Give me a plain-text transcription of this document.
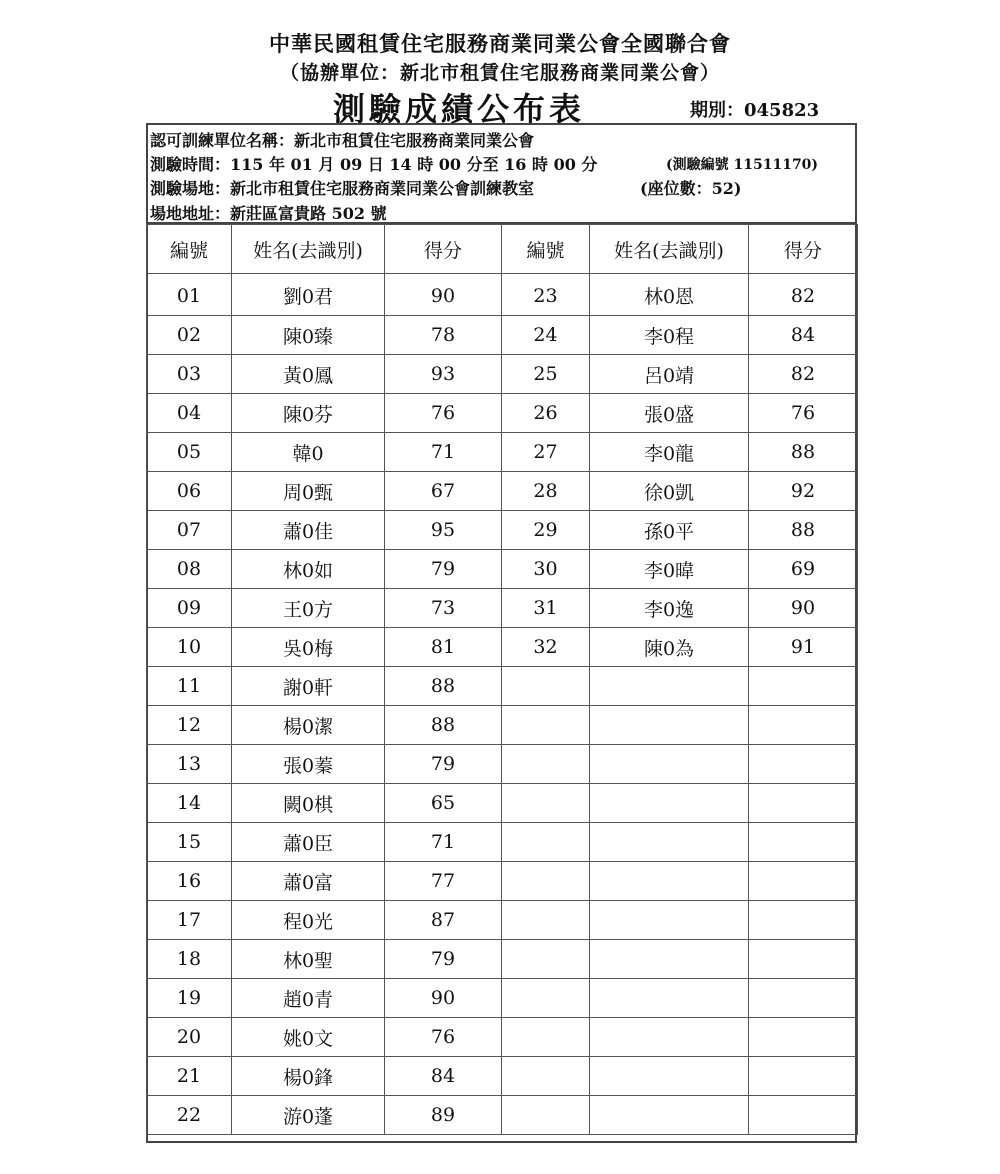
中華民國租賃住宅服務商業同業公會全國聯合會
（協辦單位：新北市租賃住宅服務商業同業公會）
測驗成績公布表	期別：045823
認可訓練單位名稱：新北市租賃住宅服務商業同業公會
測驗時間：115 年 01 月 09 日 14 時 00 分至 16 時 00 分	(測驗編號 11511170)
測驗場地：新北市租賃住宅服務商業同業公會訓練教室	(座位數：52)
場地地址：新莊區富貴路 502 號
編號	姓名(去識別)	得分	編號	姓名(去識別)	得分
01	劉0君	90	23	林0恩	82
02	陳0臻	78	24	李0程	84
03	黃0鳳	93	25	呂0靖	82
04	陳0芬	76	26	張0盛	76
05	韓0	71	27	李0龍	88
06	周0甄	67	28	徐0凱	92
07	蕭0佳	95	29	孫0平	88
08	林0如	79	30	李0暐	69
09	王0方	73	31	李0逸	90
10	吳0梅	81	32	陳0為	91
11	謝0軒	88			
12	楊0潔	88			
13	張0蓁	79			
14	闕0棋	65			
15	蕭0臣	71			
16	蕭0富	77			
17	程0光	87			
18	林0聖	79			
19	趙0青	90			
20	姚0文	76			
21	楊0鋒	84			
22	游0蓬	89			
